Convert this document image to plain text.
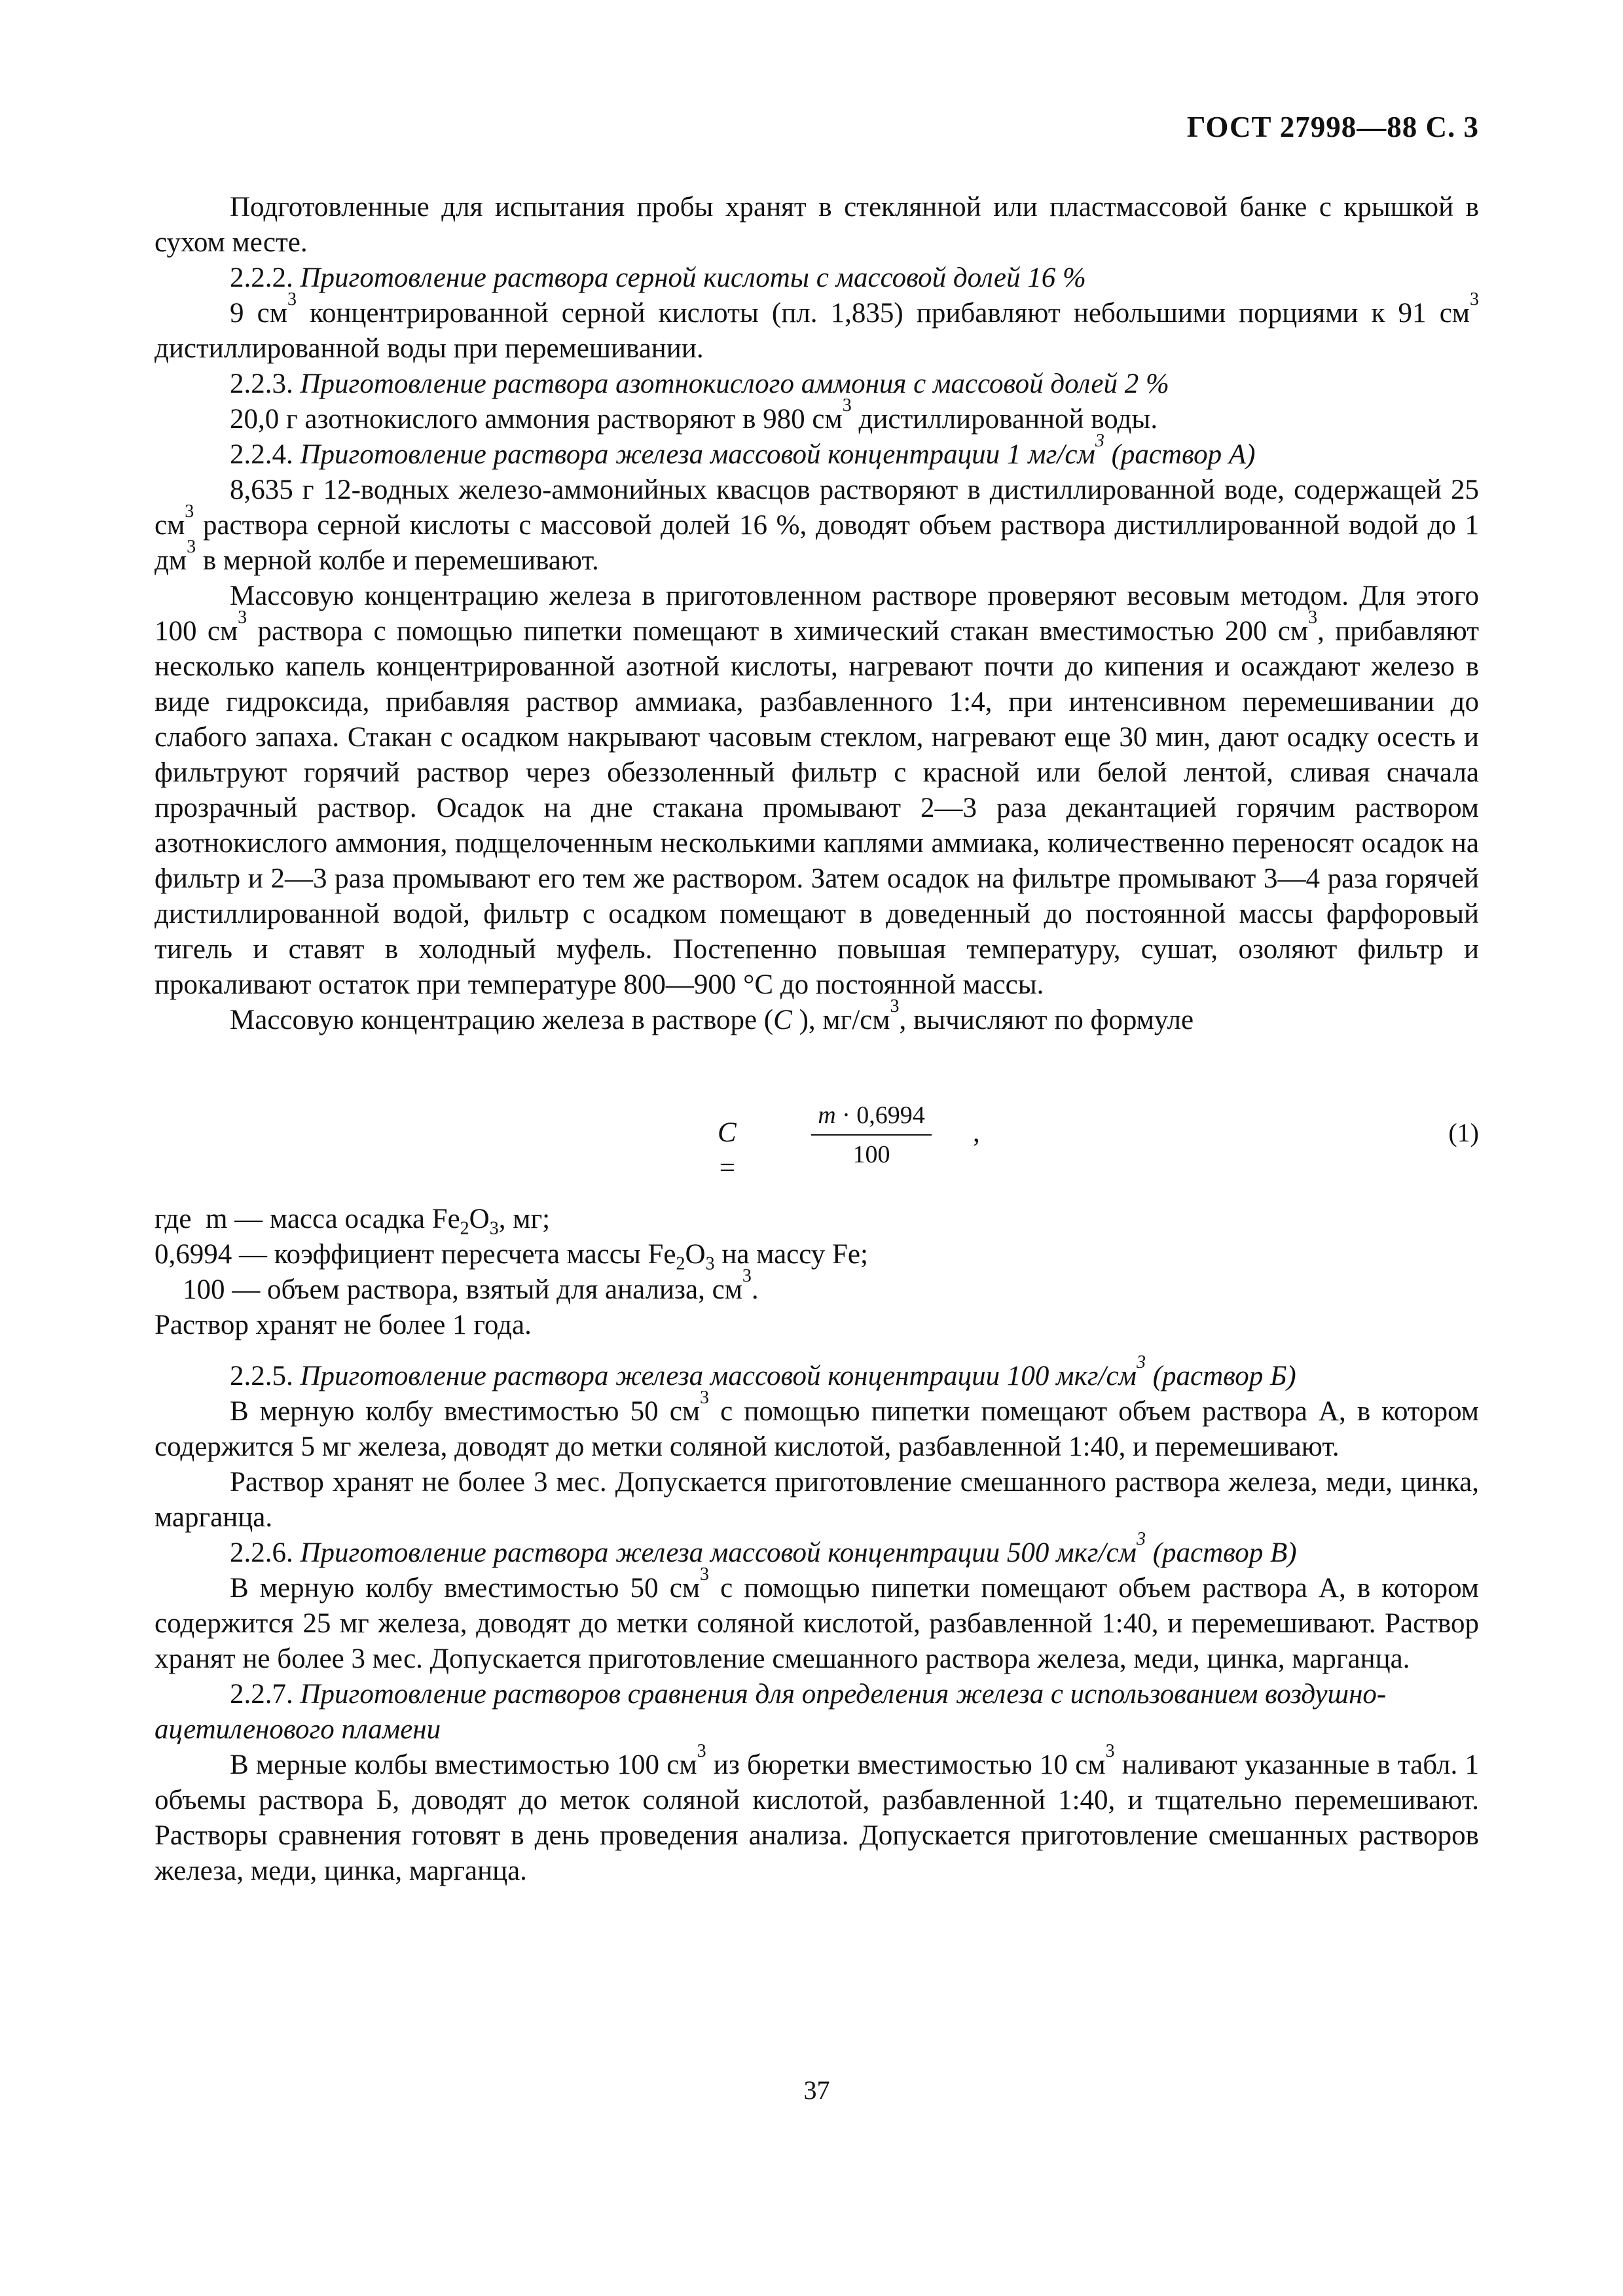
ГОСТ 27998—88 С. 3

Подготовленные для испытания пробы хранят в стеклянной или пластмассовой банке с крышкой в сухом месте.

2.2.2. Приготовление раствора серной кислоты с массовой долей 16 %

9 $см^3$ концентрированной серной кислоты (пл. 1,835) прибавляют небольшими порциями к 91 $см^3$ дистиллированной воды при перемешивании.

2.2.3. Приготовление раствора азотнокислого аммония с массовой долей 2 %

20,0 г азотнокислого аммония растворяют в 980 $см^3$ дистиллированной воды.

2.2.4. Приготовление раствора железа массовой концентрации 1 $мг/см^3$ (раствор А)

8,635 г 12-водных железо-аммонийных квасцов растворяют в дистиллированной воде, содержащей 25 $см^3$ раствора серной кислоты с массовой долей 16 %, доводят объем раствора дистиллированной водой до 1 $дм^3$ в мерной колбе и перемешивают.

Массовую концентрацию железа в приготовленном растворе проверяют весовым методом. Для этого 100 $см^3$ раствора с помощью пипетки помещают в химический стакан вместимостью 200 $см^3$, прибавляют несколько капель концентрированной азотной кислоты, нагревают почти до кипения и осаждают железо в виде гидроксида, прибавляя раствор аммиака, разбавленного 1:4, при интенсивном перемешивании до слабого запаха. Стакан с осадком накрывают часовым стеклом, нагревают еще 30 мин, дают осадку осесть и фильтруют горячий раствор через обеззоленный фильтр с красной или белой лентой, сливая сначала прозрачный раствор. Осадок на дне стакана промывают 2—3 раза декантацией горячим раствором азотнокислого аммония, подщелоченным несколькими каплями аммиака, количественно переносят осадок на фильтр и 2—3 раза промывают его тем же раствором. Затем осадок на фильтре промывают 3—4 раза горячей дистиллированной водой, фильтр с осадком помещают в доведенный до постоянной массы фарфоровый тигель и ставят в холодный муфель. Постепенно повышая температуру, сушат, озоляют фильтр и прокаливают остаток при температуре 800—900 °С до постоянной массы.

Массовую концентрацию железа в растворе (C ), $мг/см^3$, вычисляют по формуле

$C = \frac{m \cdot 0,6994}{100}$ ,	(1)
где  m — масса осадка $Fe_2O_3$, мг;
0,6994 — коэффициент пересчета массы $Fe_2O_3$ на массу Fe;
100 — объем раствора, взятый для анализа, $см^3$.
Раствор хранят не более 1 года.

2.2.5. Приготовление раствора железа массовой концентрации 100 мкг/$см^3$ (раствор Б)

В мерную колбу вместимостью 50 $см^3$ с помощью пипетки помещают объем раствора А, в котором содержится 5 мг железа, доводят до метки соляной кислотой, разбавленной 1:40, и перемешивают.

Раствор хранят не более 3 мес. Допускается приготовление смешанного раствора железа, меди, цинка, марганца.

2.2.6. Приготовление раствора железа массовой концентрации 500 мкг/$см^3$ (раствор В)

В мерную колбу вместимостью 50 $см^3$ с помощью пипетки помещают объем раствора А, в котором содержится 25 мг железа, доводят до метки соляной кислотой, разбавленной 1:40, и перемешивают. Раствор хранят не более 3 мес. Допускается приготовление смешанного раствора железа, меди, цинка, марганца.

2.2.7. Приготовление растворов сравнения для определения железа с использованием воздушно-ацетиленового пламени

В мерные колбы вместимостью 100 $см^3$ из бюретки вместимостью 10 $см^3$ наливают указанные в табл. 1 объемы раствора Б, доводят до меток соляной кислотой, разбавленной 1:40, и тщательно перемешивают. Растворы сравнения готовят в день проведения анализа. Допускается приготовление смешанных растворов железа, меди, цинка, марганца.

37
